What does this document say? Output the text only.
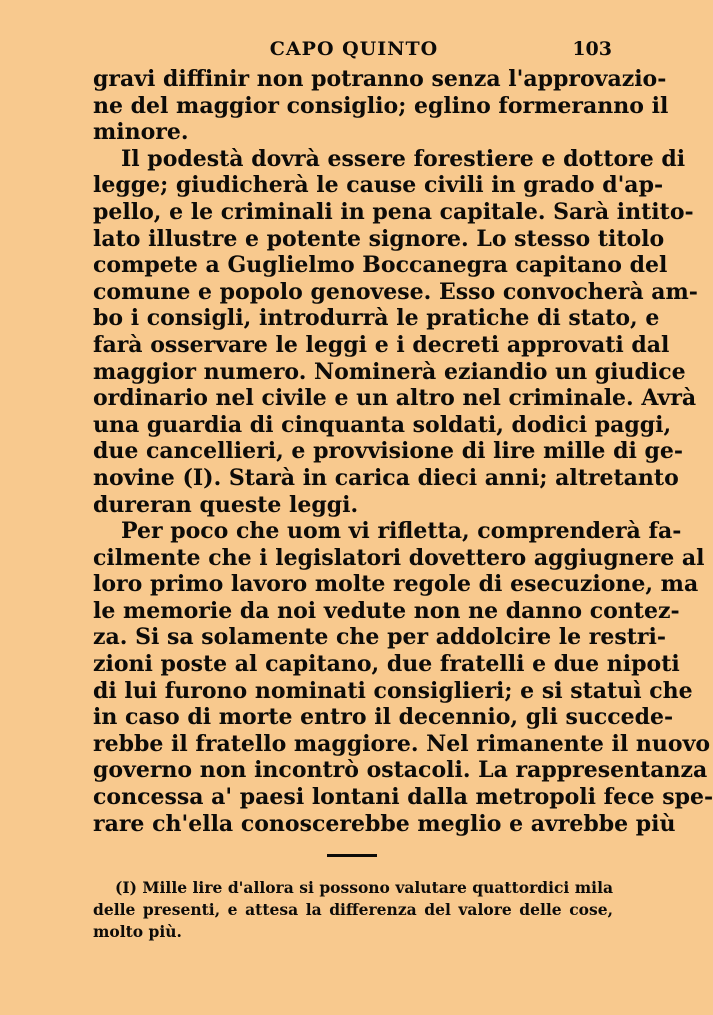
CAPO QUINTO	103
gravi diffinir non potranno senza l'approvazio-
ne del maggior consiglio; eglino formeranno il
minore.
Il podestà dovrà essere forestiere e dottore di
legge; giudicherà le cause civili in grado d'ap-
pello, e le criminali in pena capitale. Sarà intito-
lato illustre e potente signore. Lo stesso titolo
compete a Guglielmo Boccanegra capitano del
comune e popolo genovese. Esso convocherà am-
bo i consigli, introdurrà le pratiche di stato, e
farà osservare le leggi e i decreti approvati dal
maggior numero. Nominerà eziandio un giudice
ordinario nel civile e un altro nel criminale. Avrà
una guardia di cinquanta soldati, dodici paggi,
due cancellieri, e provvisione di lire mille di ge-
novine (I). Starà in carica dieci anni; altretanto
dureran queste leggi.
Per poco che uom vi rifletta, comprenderà fa-
cilmente che i legislatori dovettero aggiugnere al
loro primo lavoro molte regole di esecuzione, ma
le memorie da noi vedute non ne danno contez-
za. Si sa solamente che per addolcire le restri-
zioni poste al capitano, due fratelli e due nipoti
di lui furono nominati consiglieri; e si statuì che
in caso di morte entro il decennio, gli succede-
rebbe il fratello maggiore. Nel rimanente il nuovo
governo non incontrò ostacoli. La rappresentanza
concessa a' paesi lontani dalla metropoli fece spe-
rare ch'ella conoscerebbe meglio e avrebbe più
(I) Mille lire d'allora si possono valutare quattordici mila
delle presenti, e attesa la differenza del valore delle cose,
molto più.
